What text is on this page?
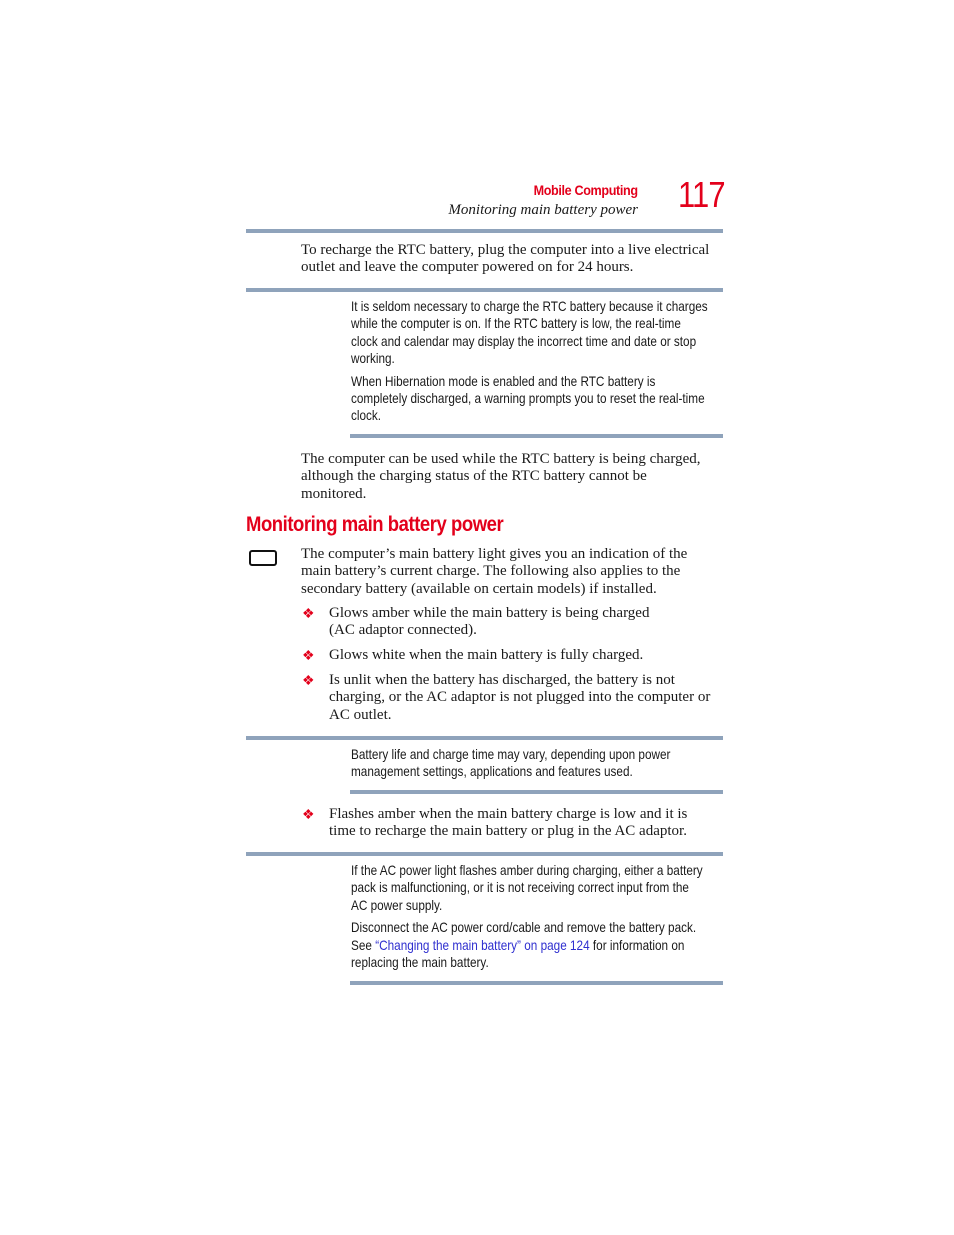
Mobile Computing
Monitoring main battery power 117
To recharge the RTC battery, plug the computer into a live electrical
outlet and leave the computer powered on for 24 hours.
It is seldom necessary to charge the RTC battery because it charges
while the computer is on. If the RTC battery is low, the real-time
clock and calendar may display the incorrect time and date or stop
working.
When Hibernation mode is enabled and the RTC battery is
completely discharged, a warning prompts you to reset the real-time
clock.
The computer can be used while the RTC battery is being charged,
although the charging status of the RTC battery cannot be
monitored.
Monitoring main battery power
The computer’s main battery light gives you an indication of the
main battery’s current charge. The following also applies to the
secondary battery (available on certain models) if installed.
❖ Glows amber while the main battery is being charged
(AC adaptor connected).
❖ Glows white when the main battery is fully charged.
❖ Is unlit when the battery has discharged, the battery is not
charging, or the AC adaptor is not plugged into the computer or
AC outlet.
Battery life and charge time may vary, depending upon power
management settings, applications and features used.
❖ Flashes amber when the main battery charge is low and it is
time to recharge the main battery or plug in the AC adaptor.
If the AC power light flashes amber during charging, either a battery
pack is malfunctioning, or it is not receiving correct input from the
AC power supply.
Disconnect the AC power cord/cable and remove the battery pack.
See “Changing the main battery” on page 124 for information on
replacing the main battery.
